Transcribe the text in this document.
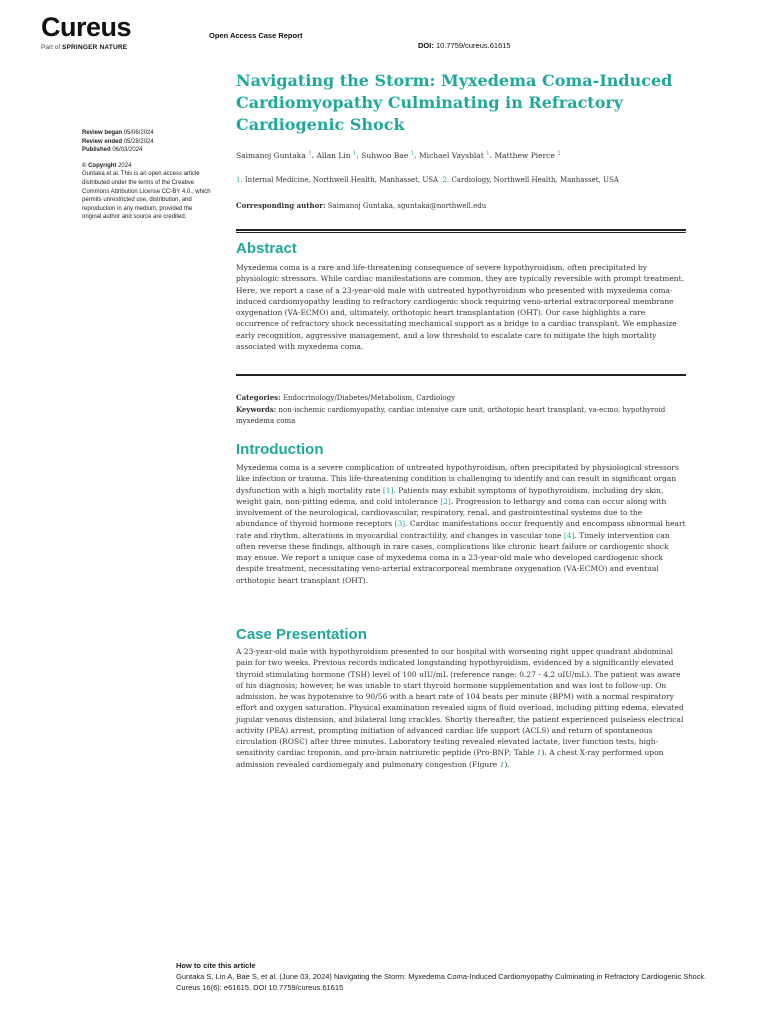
Cureus
Part of SPRINGER NATURE
Open Access Case Report
DOI: 10.7759/cureus.61615
Review began 05/06/2024
Review ended 05/28/2024
Published 06/03/2024
© Copyright 2024
Guntaka et al. This is an open access article distributed under the terms of the Creative Commons Attribution License CC-BY 4.0., which permits unrestricted use, distribution, and reproduction in any medium, provided the original author and source are credited.
Navigating the Storm: Myxedema Coma-Induced Cardiomyopathy Culminating in Refractory Cardiogenic Shock
Saimanoj Guntaka $^1$, Allan Lin $^1$, Suhwoo Bae $^1$, Michael Vaysblat $^1$, Matthew Pierce $^2$
1. Internal Medicine, Northwell Health, Manhasset, USA 2. Cardiology, Northwell Health, Manhasset, USA
Corresponding author: Saimanoj Guntaka, sguntaka@northwell.edu
Abstract

Myxedema coma is a rare and life-threatening consequence of severe hypothyroidism, often precipitated by physiologic stressors. While cardiac manifestations are common, they are typically reversible with prompt treatment. Here, we report a case of a 23-year-old male with untreated hypothyroidism who presented with myxedema coma-induced cardiomyopathy leading to refractory cardiogenic shock requiring veno-arterial extracorporeal membrane oxygenation (VA-ECMO) and, ultimately, orthotopic heart transplantation (OHT). Our case highlights a rare occurrence of refractory shock necessitating mechanical support as a bridge to a cardiac transplant. We emphasize early recognition, aggressive management, and a low threshold to escalate care to mitigate the high mortality associated with myxedema coma.

Categories: Endocrinology/Diabetes/Metabolism, Cardiology
Keywords: non-ischemic cardiomyopathy, cardiac intensive care unit, orthotopic heart transplant, va-ecmo, hypothyroid myxedema coma
Introduction

Myxedema coma is a severe complication of untreated hypothyroidism, often precipitated by physiological stressors like infection or trauma. This life-threatening condition is challenging to identify and can result in significant organ dysfunction with a high mortality rate [1]. Patients may exhibit symptoms of hypothyroidism, including dry skin, weight gain, non-pitting edema, and cold intolerance [2]. Progression to lethargy and coma can occur along with involvement of the neurological, cardiovascular, respiratory, renal, and gastrointestinal systems due to the abundance of thyroid hormone receptors [3]. Cardiac manifestations occur frequently and encompass abnormal heart rate and rhythm, alterations in myocardial contractility, and changes in vascular tone [4]. Timely intervention can often reverse these findings, although in rare cases, complications like chronic heart failure or cardiogenic shock may ensue. We report a unique case of myxedema coma in a 23-year-old male who developed cardiogenic shock despite treatment, necessitating veno-arterial extracorporeal membrane oxygenation (VA-ECMO) and eventual orthotopic heart transplant (OHT).

Case Presentation

A 23-year-old male with hypothyroidism presented to our hospital with worsening right upper quadrant abdominal pain for two weeks. Previous records indicated longstanding hypothyroidism, evidenced by a significantly elevated thyroid stimulating hormone (TSH) level of 100 uIU/mL (reference range: 0.27 - 4.2 uIU/mL). The patient was aware of his diagnosis; however, he was unable to start thyroid hormone supplementation and was lost to follow-up. On admission, he was hypotensive to 90/56 with a heart rate of 104 beats per minute (BPM) with a normal respiratory effort and oxygen saturation. Physical examination revealed signs of fluid overload, including pitting edema, elevated jugular venous distension, and bilateral lung crackles. Shortly thereafter, the patient experienced pulseless electrical activity (PEA) arrest, prompting initiation of advanced cardiac life support (ACLS) and return of spontaneous circulation (ROSC) after three minutes. Laboratory testing revealed elevated lactate, liver function tests, high-sensitivity cardiac troponin, and pro-brain natriuretic peptide (Pro-BNP; Table 1). A chest X-ray performed upon admission revealed cardiomegaly and pulmonary congestion (Figure 1).

How to cite this article
Guntaka S, Lin A, Bae S, et al. (June 03, 2024) Navigating the Storm: Myxedema Coma-Induced Cardiomyopathy Culminating in Refractory Cardiogenic Shock. Cureus 16(6): e61615. DOI 10.7759/cureus.61615
